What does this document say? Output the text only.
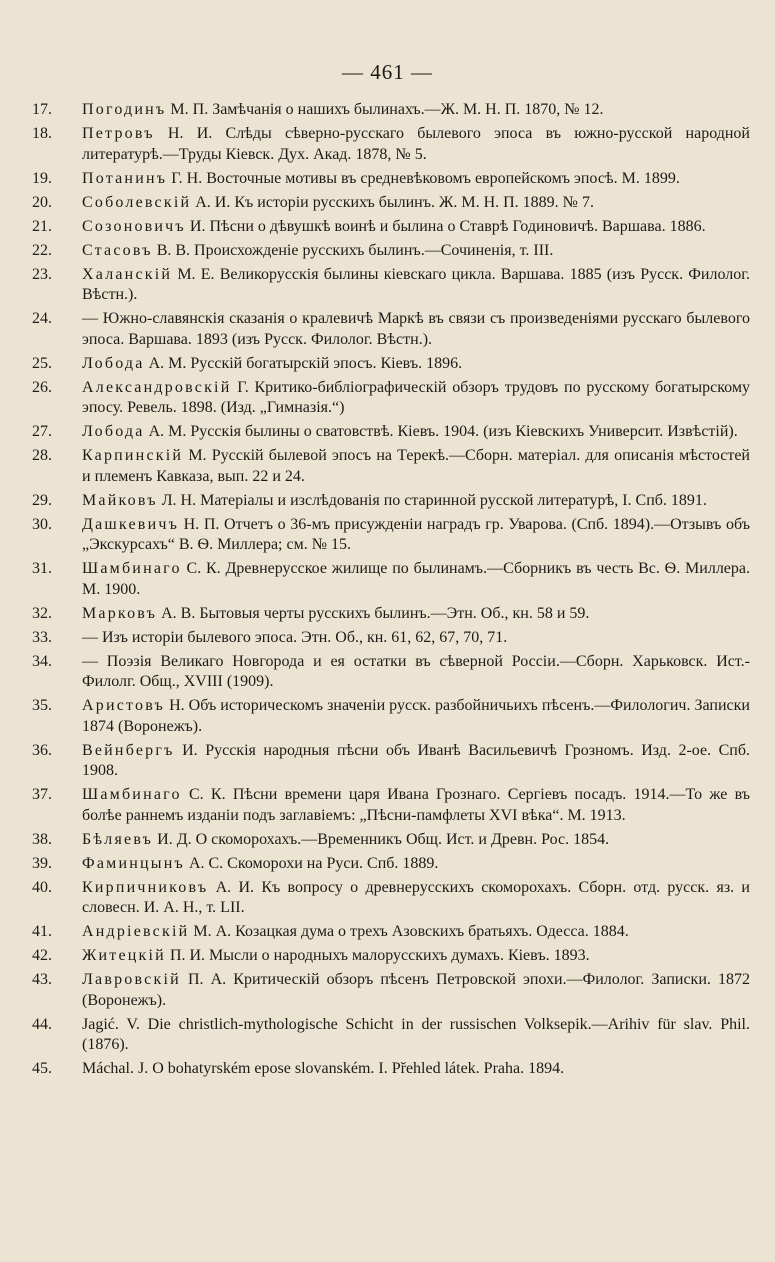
— 461 —
17. Погодинъ М. П. Замѣчанія о нашихъ былинахъ.—Ж. М. Н. П. 1870, № 12.
18. Петровъ Н. И. Слѣды сѣверно-русскаго былевого эпоса въ южно-русской народной литературѣ.—Труды Кіевск. Дух. Акад. 1878, № 5.
19. Потанинъ Г. Н. Восточные мотивы въ средневѣковомъ европейскомъ эпосѣ. М. 1899.
20. Соболевскій А. И. Къ исторіи русскихъ былинъ. Ж. М. Н. П. 1889. № 7.
21. Созоновичъ И. Пѣсни о дѣвушкѣ воинѣ и былина о Ставрѣ Годиновичѣ. Варшава. 1886.
22. Стасовъ В. В. Происхожденіе русскихъ былинъ.—Сочиненія, т. III.
23. Халанскій М. Е. Великорусскія былины кіевскаго цикла. Варшава. 1885 (изъ Русск. Филолог. Вѣстн.).
24. — Южно-славянскія сказанія о кралевичѣ Маркѣ въ связи съ произведеніями русскаго былевого эпоса. Варшава. 1893 (изъ Русск. Филолог. Вѣстн.).
25. Лобода А. М. Русскій богатырскій эпосъ. Кіевъ. 1896.
26. Александровскій Г. Критико-библіографическій обзоръ трудовъ по русскому богатырскому эпосу. Ревель. 1898. (Изд. „Гимназія.“)
27. Лобода А. М. Русскія былины о сватовствѣ. Кіевъ. 1904. (изъ Кіевскихъ Университ. Извѣстій).
28. Карпинскій М. Русскій былевой эпосъ на Терекѣ.—Сборн. матеріал. для описанія мѣстостей и племенъ Кавказа, вып. 22 и 24.
29. Майковъ Л. Н. Матеріалы и изслѣдованія по старинной русской литературѣ, I. Спб. 1891.
30. Дашкевичъ Н. П. Отчетъ о 36-мъ присужденіи наградъ гр. Уварова. (Спб. 1894).—Отзывъ объ „Экскурсахъ“ В. Ѳ. Миллера; см. № 15.
31. Шамбинаго С. К. Древнерусское жилище по былинамъ.—Сборникъ въ честь Вс. Ѳ. Миллера. М. 1900.
32. Марковъ А. В. Бытовыя черты русскихъ былинъ.—Этн. Об., кн. 58 и 59.
33. — Изъ исторіи былевого эпоса. Этн. Об., кн. 61, 62, 67, 70, 71.
34. — Поэзія Великаго Новгорода и ея остатки въ сѣверной Россіи.—Сборн. Харьковск. Ист.-Филолг. Общ., XVIII (1909).
35. Аристовъ Н. Объ историческомъ значеніи русск. разбойничьихъ пѣсенъ.—Филологич. Записки 1874 (Воронежъ).
36. Вейнбергъ И. Русскія народныя пѣсни объ Иванѣ Васильевичѣ Грозномъ. Изд. 2-ое. Спб. 1908.
37. Шамбинаго С. К. Пѣсни времени царя Ивана Грознаго. Сергіевъ посадъ. 1914.—То же въ болѣе раннемъ изданіи подъ заглавіемъ: „Пѣсни-памфлеты XVI вѣка“. М. 1913.
38. Бѣляевъ И. Д. О скоморохахъ.—Временникъ Общ. Ист. и Древн. Рос. 1854.
39. Фаминцынъ А. С. Скоморохи на Руси. Спб. 1889.
40. Кирпичниковъ А. И. Къ вопросу о древнерусскихъ скоморохахъ. Сборн. отд. русск. яз. и словесн. И. А. Н., т. LII.
41. Андріевскій М. А. Козацкая дума о трехъ Азовскихъ братьяхъ. Одесса. 1884.
42. Житецкій П. И. Мысли о народныхъ малорусскихъ думахъ. Кіевъ. 1893.
43. Лавровскій П. А. Критическій обзоръ пѣсенъ Петровской эпохи.—Филолог. Записки. 1872 (Воронежъ).
44. Jagić. V. Die christlich-mythologische Schicht in der russischen Volksepik.—Arihiv für slav. Phil. (1876).
45. Máchal. J. O bohatyrském epose slovanském. I. Přehled látek. Praha. 1894.
